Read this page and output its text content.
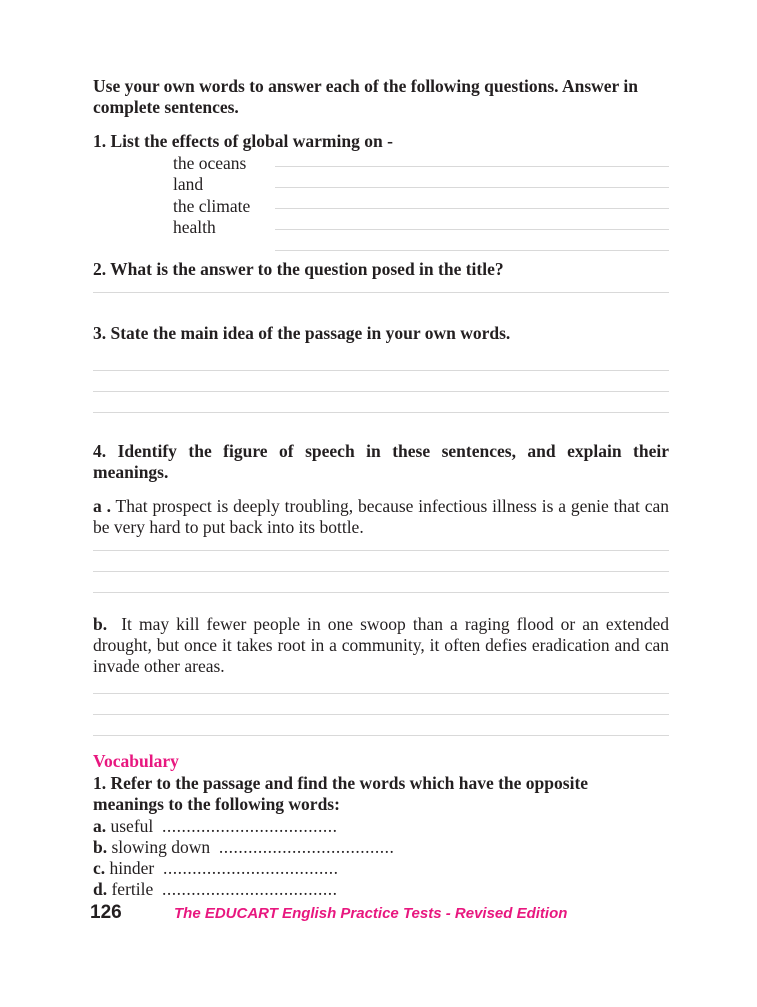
Use your own words to answer each of the following questions. Answer in complete sentences.
1. List the effects of global warming on -
the oceans
land
the climate
health
2. What is the answer to the question posed in the title?
3. State the main idea of the passage in your own words.
4. Identify the figure of speech in these sentences, and explain their meanings.
a . That prospect is deeply troubling, because infectious illness is a genie that can be very hard to put back into its bottle.
b. It may kill fewer people in one swoop than a raging flood or an extended drought, but once it takes root in a community, it often defies eradication and can invade other areas.
Vocabulary
1. Refer to the passage and find the words which have the opposite meanings to the following words:
a. useful ....................................
b. slowing down ....................................
c. hinder ....................................
d. fertile ....................................
126	The EDUCART English Practice Tests - Revised Edition
